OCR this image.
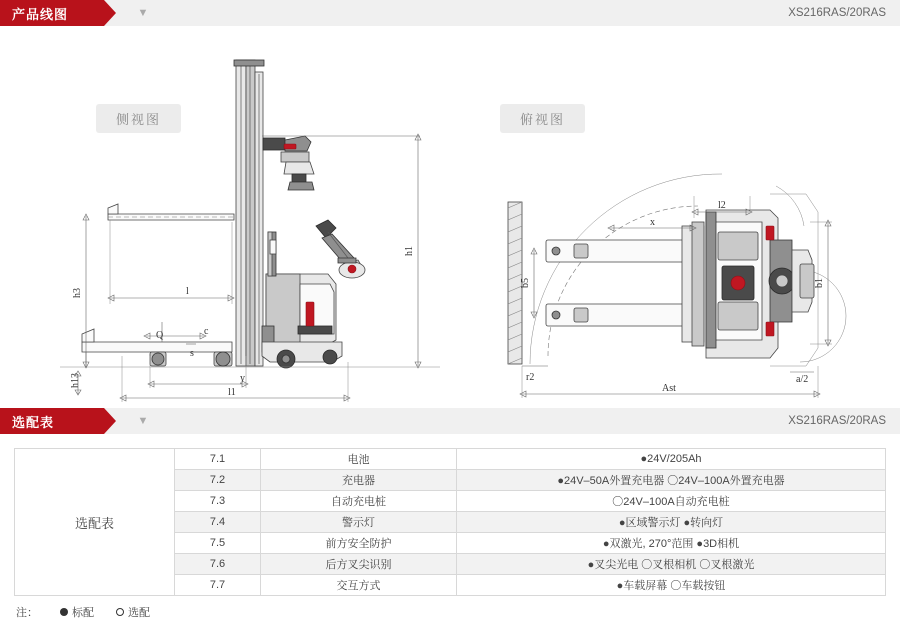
产品线图	▼	XS216RAS/20RAS
侧视图	俯视图
h1
h3
h13
l
c
Q
s
y
l1
l2
x
b1
b5
r2
Ast
a/2
选配表	▼	XS216RAS/20RAS
选配表	7.1	电池	●24V/205Ah
	7.2	充电器	●24V–50A外置充电器 〇24V–100A外置充电器
	7.3	自动充电桩	〇24V–100A自动充电桩
	7.4	警示灯	●区域警示灯 ●转向灯
	7.5	前方安全防护	●双激光, 270°范围 ●3D相机
	7.6	后方叉尖识别	●叉尖光电 〇叉根相机 〇叉根激光
	7.7	交互方式	●车载屏幕 〇车载按钮
注：	标配	选配
